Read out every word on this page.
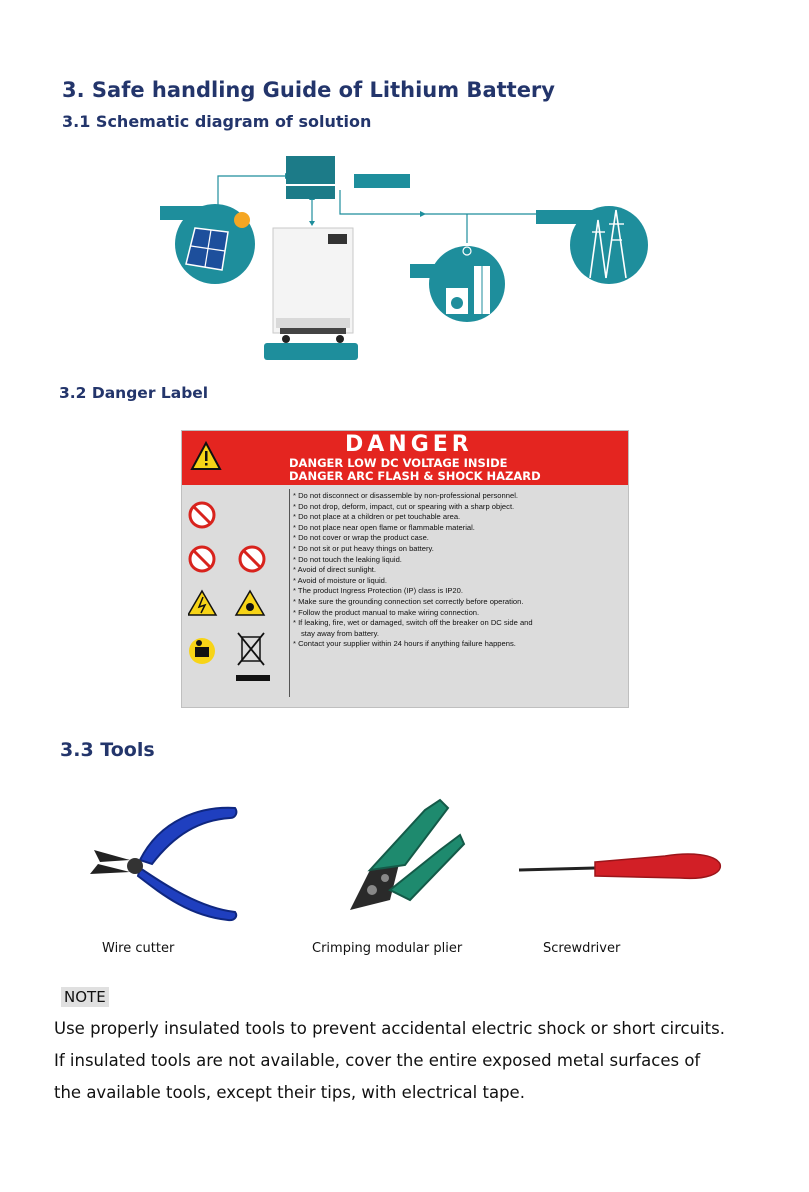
3. Safe handling Guide of Lithium Battery
3.1 Schematic diagram of solution
3.2 Danger Label
DANGER
DANGER LOW DC VOLTAGE INSIDE
DANGER ARC FLASH & SHOCK HAZARD
* Do not disconnect or disassemble by non-professional personnel.
* Do not drop, deform, impact, cut or spearing with a sharp object.
* Do not place at a children or pet touchable area.
* Do not place near open flame or flammable material.
* Do not cover or wrap the product case.
* Do not sit or put heavy things on battery.
* Do not touch the leaking liquid.
* Avoid of direct sunlight.
* Avoid of moisture or liquid.
* The product Ingress Protection (IP) class is IP20.
* Make sure the grounding connection set correctly before operation.
* Follow the product manual to make wiring connection.
* If leaking, fire, wet or damaged, switch off the breaker on DC side and
stay away from battery.
* Contact your supplier within 24 hours if anything failure happens.
3.3 Tools
Wire cutter	Crimping modular plier	Screwdriver
NOTE
Use properly insulated tools to prevent accidental electric shock or short circuits.
If insulated tools are not available, cover the entire exposed metal surfaces of
the available tools, except their tips, with electrical tape.
